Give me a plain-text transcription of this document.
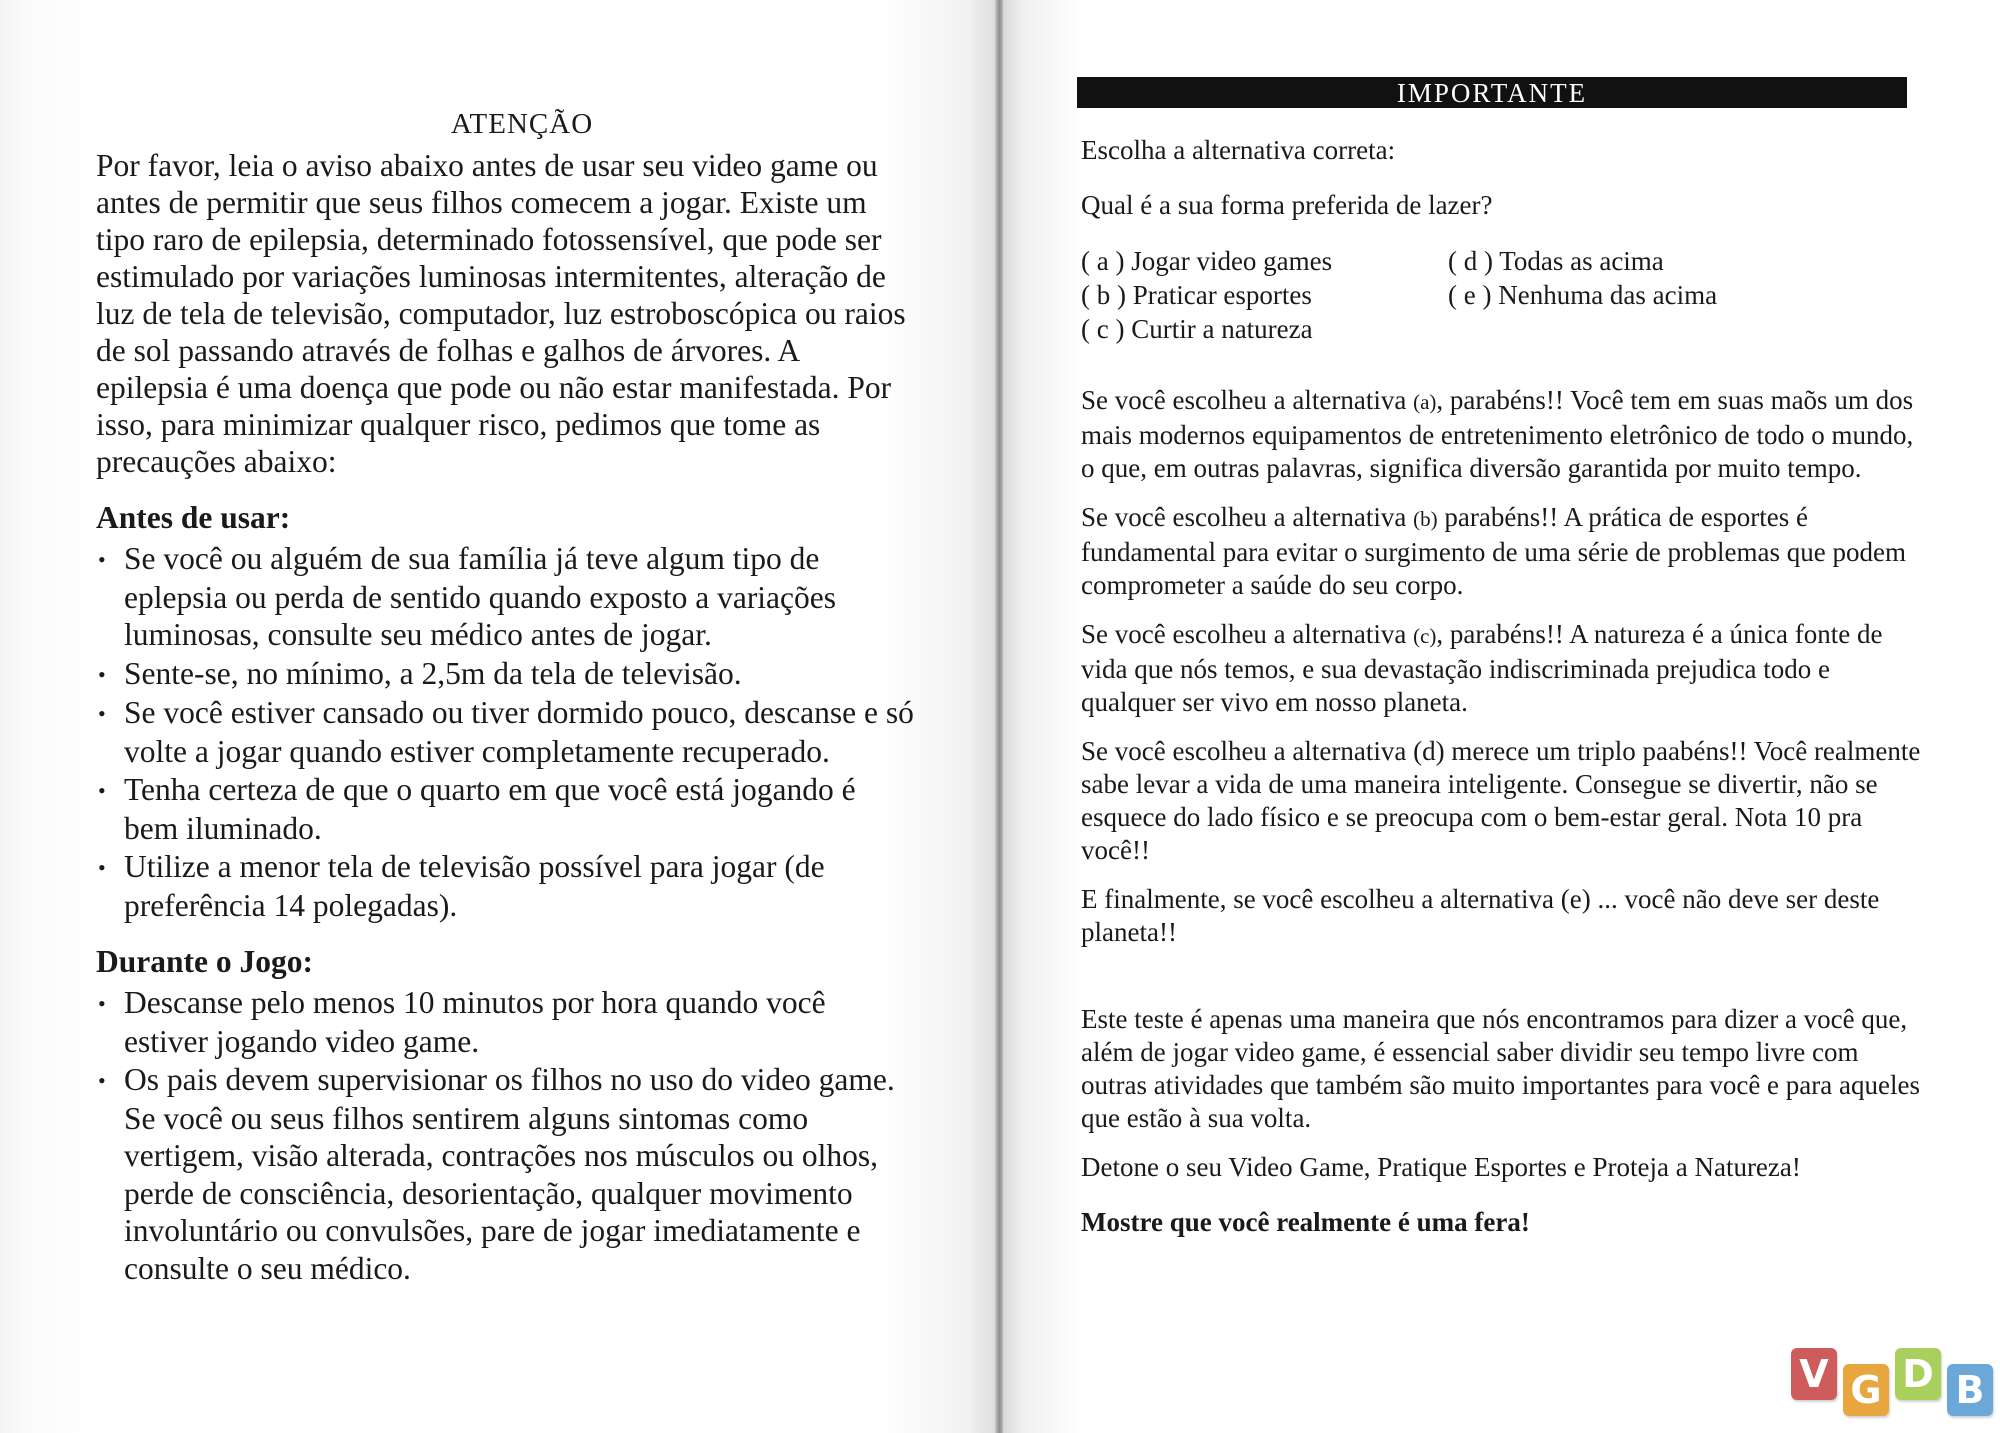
ATENÇÃO

Por favor, leia o aviso abaixo antes de usar seu video game ou antes de permitir que seus filhos comecem a jogar. Existe um tipo raro de epilepsia, determinado fotossensível, que pode ser estimulado por variações luminosas intermitentes, alteração de luz de tela de televisão, computador, luz estroboscópica ou raios de sol passando através de folhas e galhos de árvores. A epilepsia é uma doença que pode ou não estar manifestada. Por isso, para minimizar qualquer risco, pedimos que tome as precauções abaixo:

Antes de usar:
• Se você ou alguém de sua família já teve algum tipo de eplepsia ou perda de sentido quando exposto a variações luminosas, consulte seu médico antes de jogar.
• Sente-se, no mínimo, a 2,5m da tela de televisão.
• Se você estiver cansado ou tiver dormido pouco, descanse e só volte a jogar quando estiver completamente recuperado.
• Tenha certeza de que o quarto em que você está jogando é bem iluminado.
• Utilize a menor tela de televisão possível para jogar (de preferência 14 polegadas).
Durante o Jogo:
• Descanse pelo menos 10 minutos por hora quando você estiver jogando video game.
• Os pais devem supervisionar os filhos no uso do video game. Se você ou seus filhos sentirem alguns sintomas como vertigem, visão alterada, contrações nos músculos ou olhos, perde de consciência, desorientação, qualquer movimento involuntário ou convulsões, pare de jogar imediatamente e consulte o seu médico.
IMPORTANTE

Escolha a alternativa correta:

Qual é a sua forma preferida de lazer?

( a ) Jogar video games
( b ) Praticar esportes
( c ) Curtir a natureza
( d ) Todas as acima
( e ) Nenhuma das acima

Se você escolheu a alternativa (a), parabéns!! Você tem em suas maõs um dos mais modernos equipamentos de entretenimento eletrônico de todo o mundo, o que, em outras palavras, significa diversão garantida por muito tempo.

Se você escolheu a alternativa (b) parabéns!! A prática de esportes é fundamental para evitar o surgimento de uma série de problemas que podem comprometer a saúde do seu corpo.

Se você escolheu a alternativa (c), parabéns!! A natureza é a única fonte de vida que nós temos, e sua devastação indiscriminada prejudica todo e qualquer ser vivo em nosso planeta.

Se você escolheu a alternativa (d) merece um triplo paabéns!! Você realmente sabe levar a vida de uma maneira inteligente. Consegue se divertir, não se esquece do lado físico e se preocupa com o bem-estar geral. Nota 10 pra você!!

E finalmente, se você escolheu a alternativa (e) ... você não deve ser deste planeta!!

Este teste é apenas uma maneira que nós encontramos para dizer a você que, além de jogar video game, é essencial saber dividir seu tempo livre com outras atividades que também são muito importantes para você e para aqueles que estão à sua volta.

Detone o seu Video Game, Pratique Esportes e Proteja a Natureza!

Mostre que você realmente é uma fera!

V G D B
